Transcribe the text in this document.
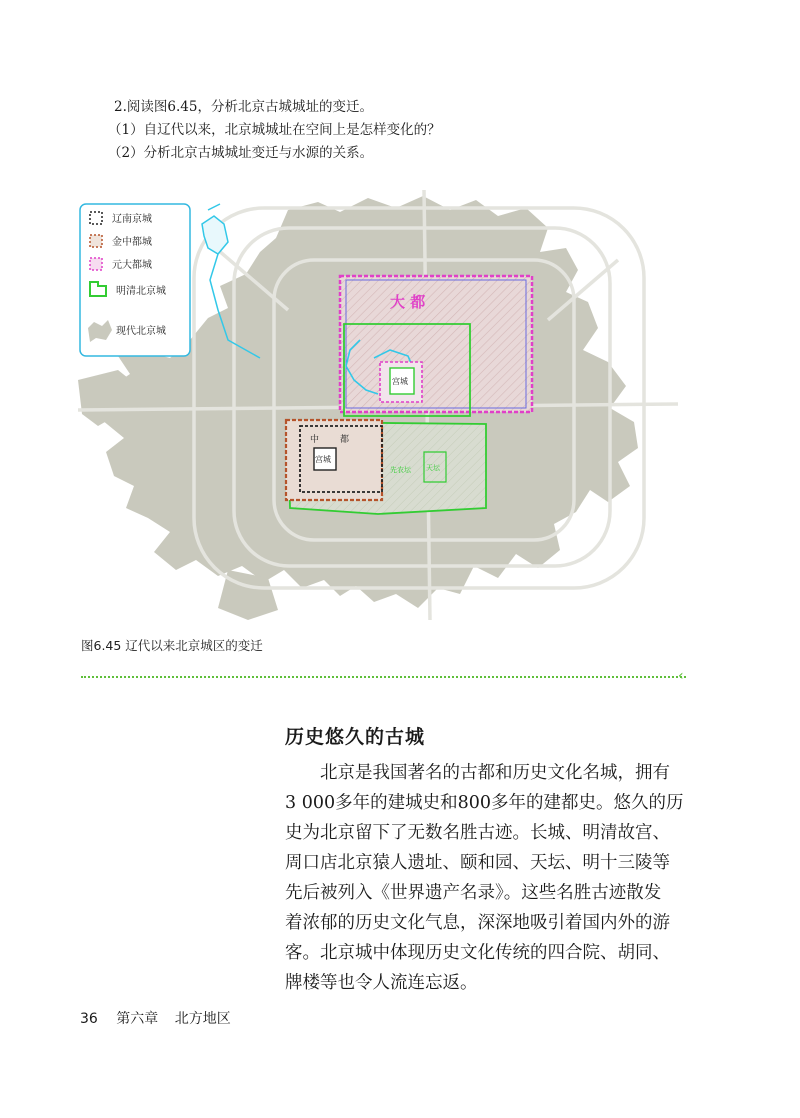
2.阅读图6.45，分析北京古城城址的变迁。

（1）自辽代以来，北京城城址在空间上是怎样变化的？

（2）分析北京古城城址变迁与水源的关系。

辽南京城
金中都城
元大都城
明清北京城
现代北京城
大 都
宫城
中 都
宫城
天坛
先农坛
图6.45 辽代以来北京城区的变迁
‹
历史悠久的古城

　　北京是我国著名的古都和历史文化名城，拥有
3 000多年的建城史和800多年的建都史。悠久的历
史为北京留下了无数名胜古迹。长城、明清故宫、
周口店北京猿人遗址、颐和园、天坛、明十三陵等
先后被列入《世界遗产名录》。这些名胜古迹散发
着浓郁的历史文化气息，深深地吸引着国内外的游
客。北京城中体现历史文化传统的四合院、胡同、
牌楼等也令人流连忘返。

36 第六章 北方地区
